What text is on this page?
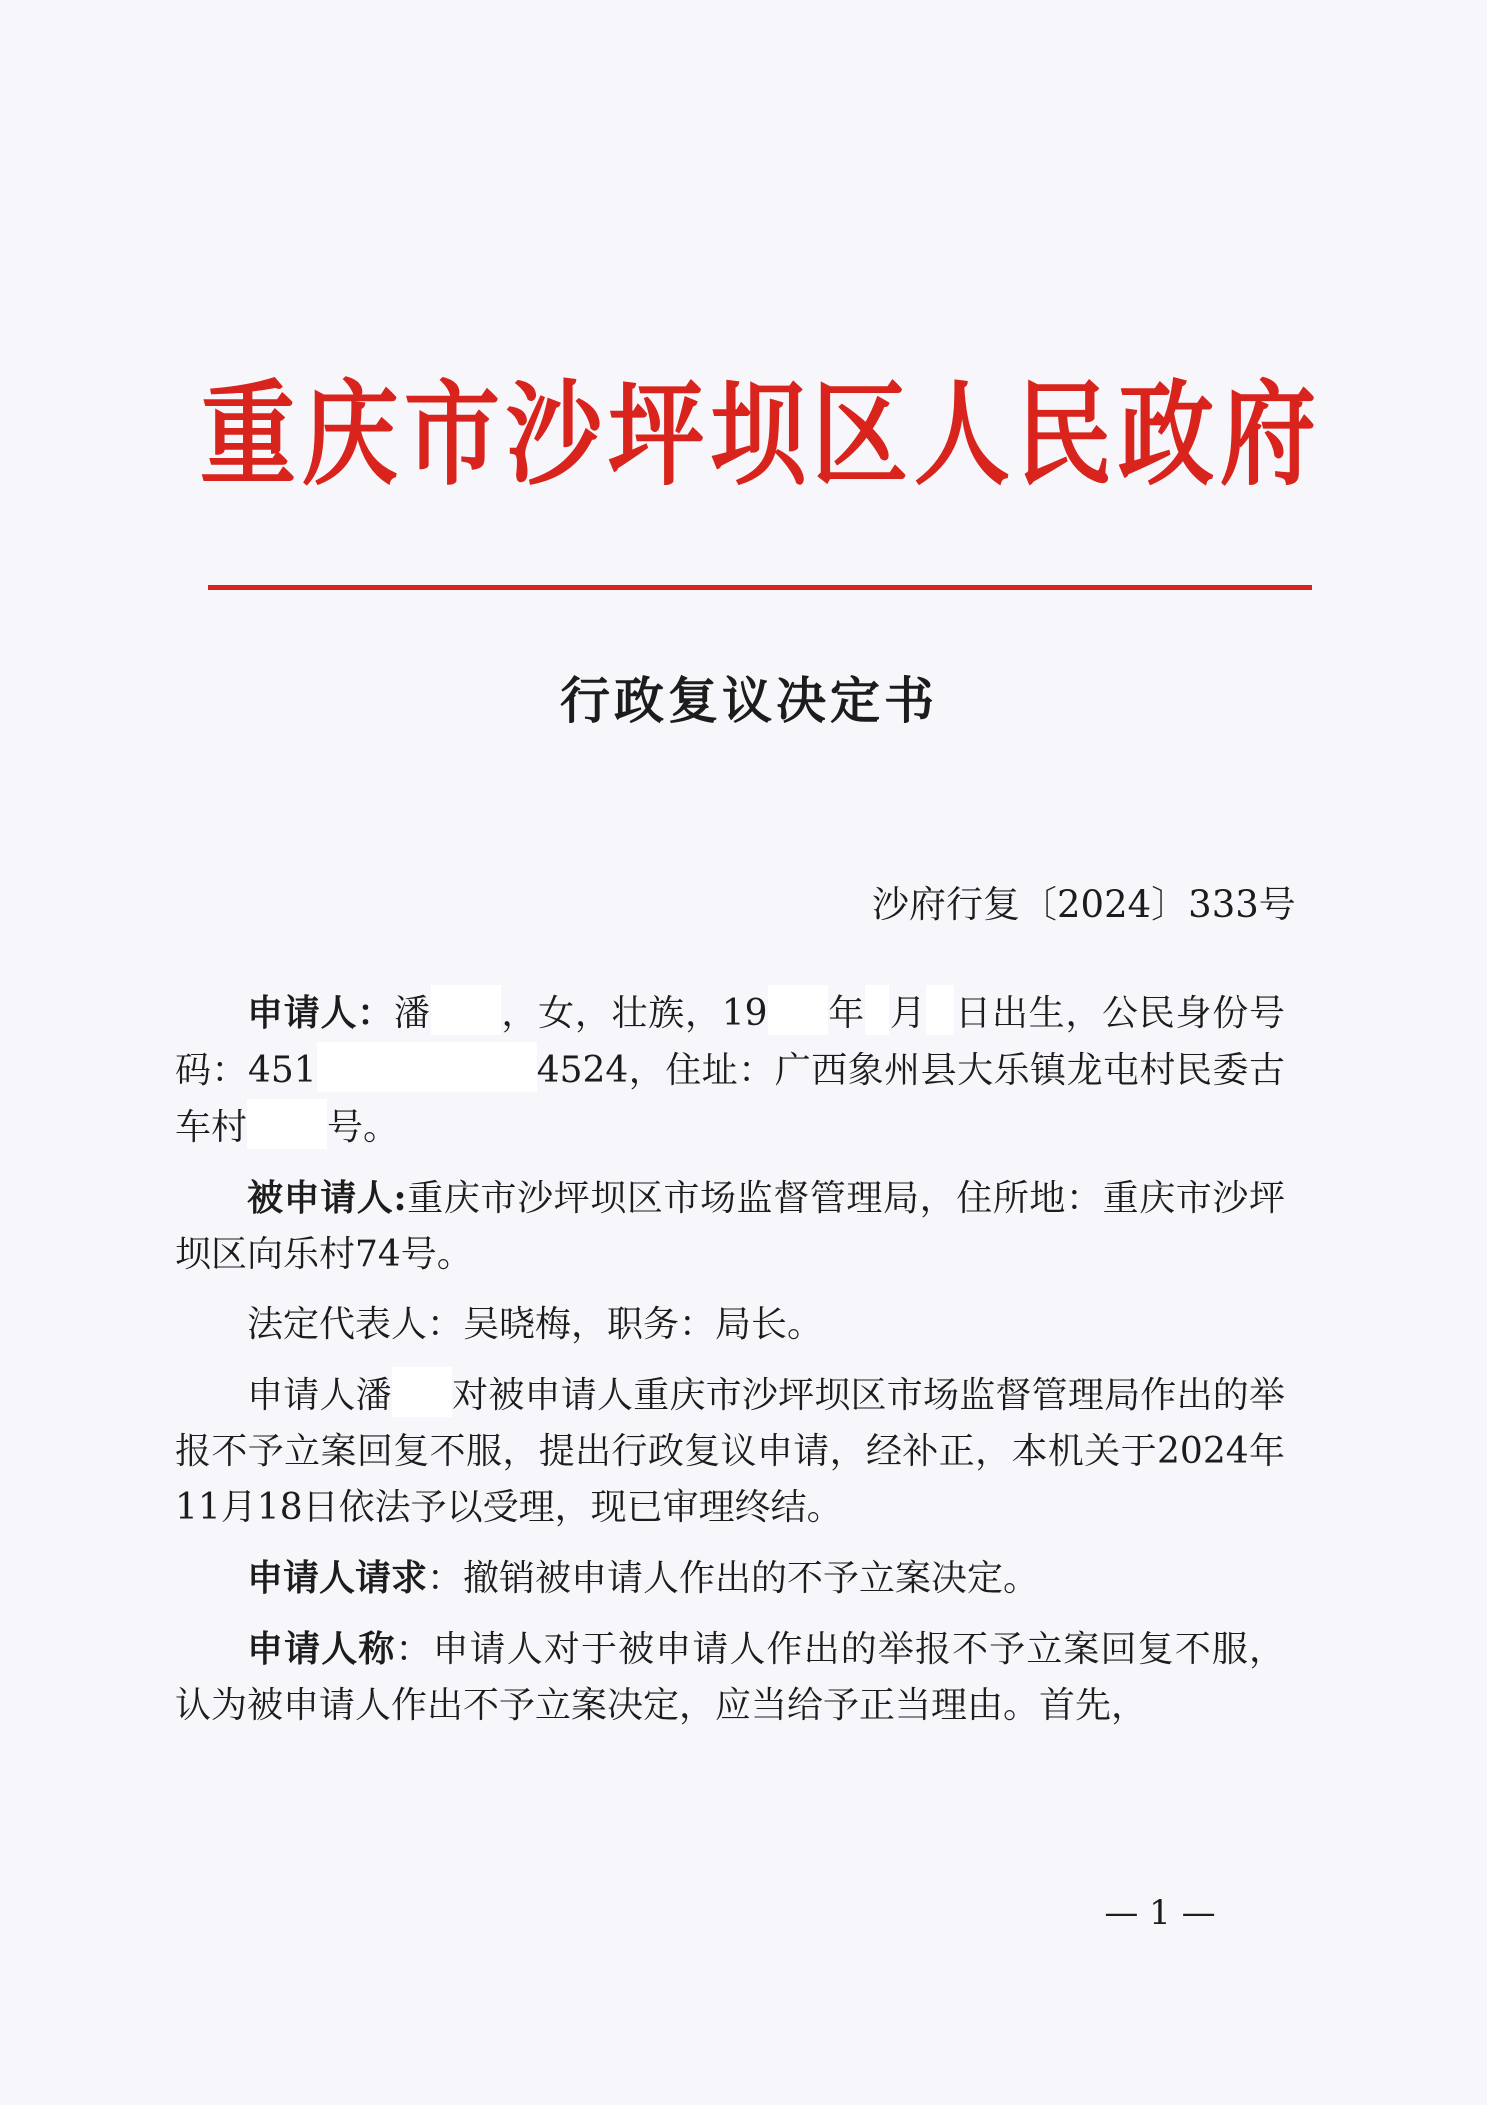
重庆市沙坪坝区人民政府
行政复议决定书
沙府行复〔2024〕333号

申请人：潘 ，女，壮族，19 年 月 日出生，公民身份号码：451	4524，住址：广西象州县大乐镇龙屯村民委古车村 号。

被申请人:重庆市沙坪坝区市场监督管理局，住所地：重庆市沙坪坝区向乐村74号。

法定代表人：吴晓梅，职务：局长。

申请人潘 对被申请人重庆市沙坪坝区市场监督管理局作出的举报不予立案回复不服，提出行政复议申请，经补正，本机关于2024年11月18日依法予以受理，现已审理终结。

申请人请求：撤销被申请人作出的不予立案决定。

申请人称：申请人对于被申请人作出的举报不予立案回复不服，认为被申请人作出不予立案决定，应当给予正当理由。首先，

— 1 —
